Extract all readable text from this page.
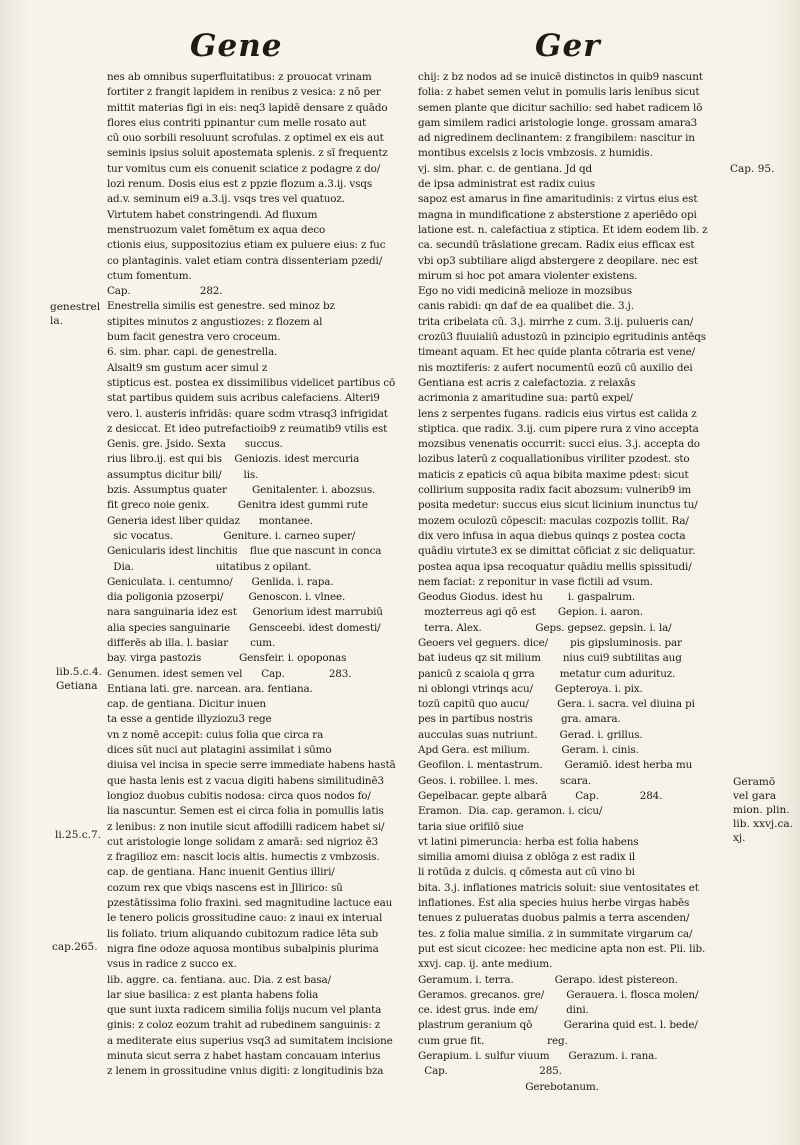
Gene	Ger
genestrel la.
lib.5.c.4. Getiana
li.25.c.7.
cap.265.
Cap. 95.
Geramō vel gara mion. plin. lib. xxvj.ca. xj.
nes ab omnibus superfluitatibus: z prouocat vrinam
fortiter z frangit lapidem in renibus z vesica: z nō per
mittit materias figi in eis: neq3 lapidē densare z quādo
flores eius contriti ppinantur cum melle rosato aut
cū ouo sorbili resoluunt scrofulas. z optimel ex eis aut
seminis ipsius soluit apostemata splenis. z sī frequentz
tur vomitus cum eis conuenit sciatice z podagre z do/
lozi renum. Dosis eius est z ppzie flozum a.3.ij. vsqs
ad.v. seminum ei9 a.3.ij. vsqs tres vel quatuoz.
Virtutem habet constringendi. Ad fluxum
menstruozum valet fomētum ex aqua deco
ctionis eius, suppositozius etiam ex puluere eius: z fuc
co plantaginis. valet etiam contra dissenteriam pzedi/
ctum fomentum.
Cap.                      282.
Enestrella similis est genestre. sed minoz bz
stipites minutos z angustiozes: z flozem al
bum facit genestra vero croceum.
6. sim. phar. capi. de genestrella.
Alsalt9 sm gustum acer simul z
stipticus est. postea ex dissimilibus videlicet partibus cō
stat partibus quidem suis acribus calefaciens. Alteri9
vero. l. austeris infridās: quare scdm vtrasq3 infrigidat
z desiccat. Et ideo putrefactioib9 z reumatib9 vtilis est
Genis. gre. Jsido. Sexta      succus.
rius libro.ij. est qui bis    Geniozis. idest mercuria
assumptus dicitur bili/       lis.
bzis. Assumptus quater        Genitalenter. i. abozsus.
fit greco noie genix.         Genitra idest gummi rute
Generia idest liber quidaz      montanee.
sic vocatus.                Geniture. i. carneo super/
Genicularis idest linchitis    flue que nascunt in conca
Dia.                          uitatibus z opilant.
Geniculata. i. centumno/      Genlida. i. rapa.
dia poligonia pzoserpi/        Genoscon. i. vlnee.
nara sanguinaria idez est     Genorium idest marrubiū
alia species sanguinarie      Gensceebi. idest domesti/
differēs ab illa. l. basiar       cum.
bay. virga pastozis            Gensfeir. i. opoponas
Genumen. idest semen vel      Cap.              283.
Entiana lati. gre. narcean. ara. fentiana.
cap. de gentiana. Dicitur inuen
ta esse a gentide illyziozu3 rege
vn z nomē accepit: cuius folia que circa ra
dices sūt nuci aut platagini assimilat i sūmo
diuisa vel incisa in specie serre immediate habens hastā
que hasta lenis est z vacua digiti habens similitudinē3
longioz duobus cubitis nodosa: circa quos nodos fo/
lia nascuntur. Semen est ei circa folia in pomullis latis
z lenibus: z non inutile sicut affodilli radicem habet si/
cut aristologie longe solidam z amarā: sed nigrioz ē3
z fragilioz em: nascit locis altis. humectis z vmbzosis.
cap. de gentiana. Hanc inuenit Gentius illiri/
cozum rex que vbiqs nascens est in Jllirico: sū
pzestātissima folio fraxini. sed magnitudine lactuce eau
le tenero policis grossitudine cauo: z inaui ex interual
lis foliato. trium aliquando cubitozum radice lēta sub
nigra fine odoze aquosa montibus subalpinis plurima
vsus in radice z succo ex.
lib. aggre. ca. fentiana. auc. Dia. z est basa/
lar siue basilica: z est planta habens folia
que sunt iuxta radicem similia folijs nucum vel planta
ginis: z coloz eozum trahit ad rubedinem sanguinis: z
a mediterate eius superius vsq3 ad sumitatem incisione
minuta sicut serra z habet hastam concauam interius
z lenem in grossitudine vnius digiti: z longitudinis bza
chij: z bz nodos ad se inuicē distinctos in quib9 nascunt
folia: z habet semen velut in pomulis laris lenibus sicut
semen plante que dicitur sachilio: sed habet radicem lō
gam similem radici aristologie longe. grossam amara3
ad nigredinem declinantem: z frangibilem: nascitur in
montibus excelsis z locis vmbzosis. z humidis.
vj. sim. phar. c. de gentiana. Jd qd
de ipsa administrat est radix cuius
sapoz est amarus in fine amaritudinis: z virtus eius est
magna in mundificatione z absterstione z aperiēdo opi
latione est. n. calefactiua z stiptica. Et idem eodem lib. z
ca. secundū trāslatione grecam. Radix eius efficax est
vbi op3 subtiliare aligd abstergere z deopilare. nec est
mirum si hoc pot amara violenter existens.
Ego no vidi medicinā melioze in mozsibus
canis rabidi: qn daf de ea qualibet die. 3.j.
trita cribelata cū. 3.j. mirrhe z cum. 3.ij. pulueris can/
crozū3 fluuialiū adustozū in pzincipio egritudinis antēqs
timeant aquam. Et hec quide planta cōtraria est vene/
nis moztiferis: z aufert nocumentū eozū cū auxilio dei
Gentiana est acris z calefactozia. z relaxās
acrimonia z amaritudine sua: partū expel/
lens z serpentes fugans. radicis eius virtus est calida z
stiptica. que radix. 3.ij. cum pipere rura z vino accepta
mozsibus venenatis occurrit: succi eius. 3.j. accepta do
lozibus laterū z coquallationibus viriliter pzodest. sto
maticis z epaticis cū aqua bibita maxime pdest: sicut
collirium supposita radix facit abozsum: vulnerib9 im
posita medetur: succus eius sicut licinium inunctus tu/
mozem oculozū cōpescit: maculas cozpozis tollit. Ra/
dix vero infusa in aqua diebus quinqs z postea cocta
quādiu virtute3 ex se dimittat cōficiat z sic deliquatur.
postea aqua ipsa recoquatur quādiu mellis spissitudi/
nem faciat: z reponitur in vase fictili ad vsum.
Geodus Giodus. idest hu        i. gaspalrum.
mozterreus agi qō est       Gepion. i. aaron.
terra. Alex.                 Geps. gepsez. gepsin. i. la/
Geoers vel geguers. dice/       pis gipsluminosis. par
bat iudeus qz sit milium       nius cui9 subtilitas aug
panicū z scaiola q grra        metatur cum adurituz.
ni oblongi vtrinqs acu/       Gepteroya. i. pix.
tozū capitū quo aucu/         Gera. i. sacra. vel diuina pi
pes in partibus nostris         gra. amara.
aucculas suas nutriunt.       Gerad. i. grillus.
Apd Gera. est milium.          Geram. i. cinis.
Geofilon. i. mentastrum.       Geramiō. idest herba mu
Geos. i. robillee. l. mes.       scara.
Gepelbacar. gepte albarā         Cap.             284.
Eramon.  Dia. cap. geramon. i. cicu/
taria siue orifilō siue
vt latini pimeruncia: herba est folia habens
similia amomi diuisa z oblōga z est radix il
li rotūda z dulcis. q cōmesta aut cū vino bi
bita. 3.j. inflationes matricis soluit: siue ventositates et
inflationes. Est alia species huius herbe virgas habēs
tenues z pulueratas duobus palmis a terra ascenden/
tes. z folia malue similia. z in summitate virgarum ca/
put est sicut cicozee: hec medicine apta non est. Pli. lib.
xxvj. cap. ij. ante medium.
Geramum. i. terra.             Gerapo. idest pistereon.
Geramos. grecanos. gre/       Gerauera. i. flosca molen/
ce. idest grus. inde em/         dini.
plastrum geranium qō          Gerarina quid est. l. bede/
cum grue fit.                    reg.
Gerapium. i. sulfur viuum      Gerazum. i. rana.
Cap.                             285.
Gerebotanum.
